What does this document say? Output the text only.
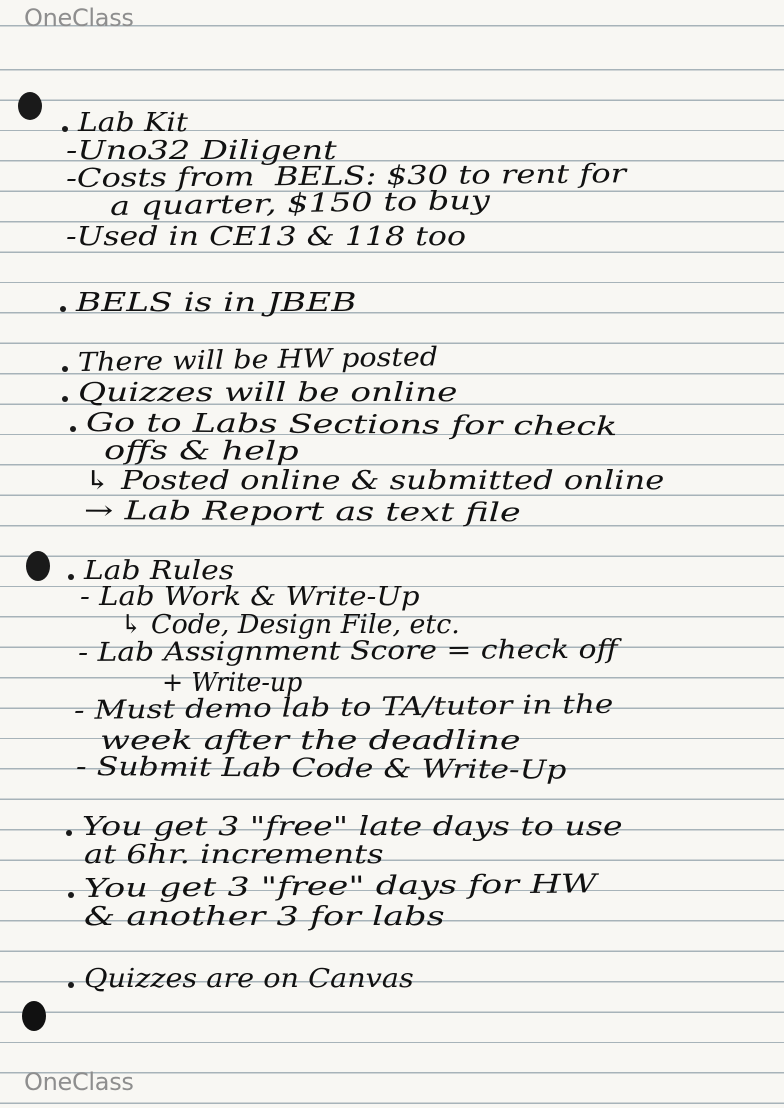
OneClass
Lab Kit
-Uno32 Diligent
-Costs from  BELS: $30 to rent for
a quarter, $150 to buy
-Used in CE13 & 118 too
BELS is in JBEB
There will be HW posted
Quizzes will be online
Go to Labs Sections for check
offs & help
↳ Posted online & submitted online
→ Lab Report as text file
Lab Rules
- Lab Work & Write-Up
↳ Code, Design File, etc.
- Lab Assignment Score = check off
+ Write-up
- Must demo lab to TA/tutor in the
week after the deadline
- Submit Lab Code & Write-Up
You get 3 "free" late days to use
at 6hr. increments
You get 3 "free" days for HW
& another 3 for labs
Quizzes are on Canvas
OneClass
